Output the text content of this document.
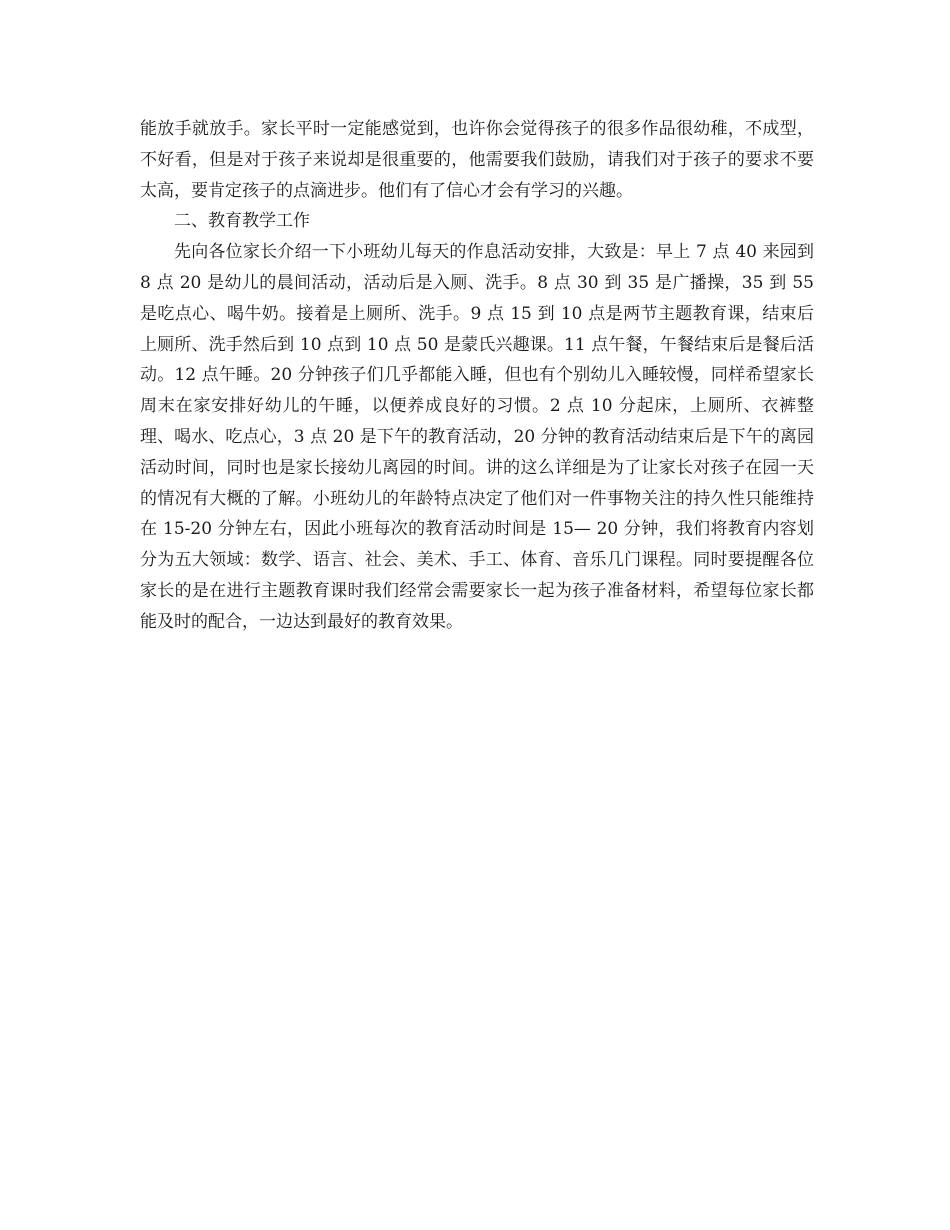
能放手就放手。家长平时一定能感觉到，也许你会觉得孩子的很多作品很幼稚，不成型，不好看，但是对于孩子来说却是很重要的，他需要我们鼓励，请我们对于孩子的要求不要太高，要肯定孩子的点滴进步。他们有了信心才会有学习的兴趣。

二、教育教学工作

先向各位家长介绍一下小班幼儿每天的作息活动安排，大致是：早上 7 点 40 来园到 8 点 20 是幼儿的晨间活动，活动后是入厕、洗手。8 点 30 到 35 是广播操，35 到 55 是吃点心、喝牛奶。接着是上厕所、洗手。9 点 15 到 10 点是两节主题教育课，结束后上厕所、洗手然后到 10 点到 10 点 50 是蒙氏兴趣课。11 点午餐，午餐结束后是餐后活动。12 点午睡。20 分钟孩子们几乎都能入睡，但也有个别幼儿入睡较慢，同样希望家长周末在家安排好幼儿的午睡，以便养成良好的习惯。2 点 10 分起床，上厕所、衣裤整理、喝水、吃点心，3 点 20 是下午的教育活动，20 分钟的教育活动结束后是下午的离园活动时间，同时也是家长接幼儿离园的时间。讲的这么详细是为了让家长对孩子在园一天的情况有大概的了解。小班幼儿的年龄特点决定了他们对一件事物关注的持久性只能维持在 15-20 分钟左右，因此小班每次的教育活动时间是 15— 20 分钟，我们将教育内容划分为五大领域：数学、语言、社会、美术、手工、体育、音乐几门课程。同时要提醒各位家长的是在进行主题教育课时我们经常会需要家长一起为孩子准备材料，希望每位家长都能及时的配合，一边达到最好的教育效果。
